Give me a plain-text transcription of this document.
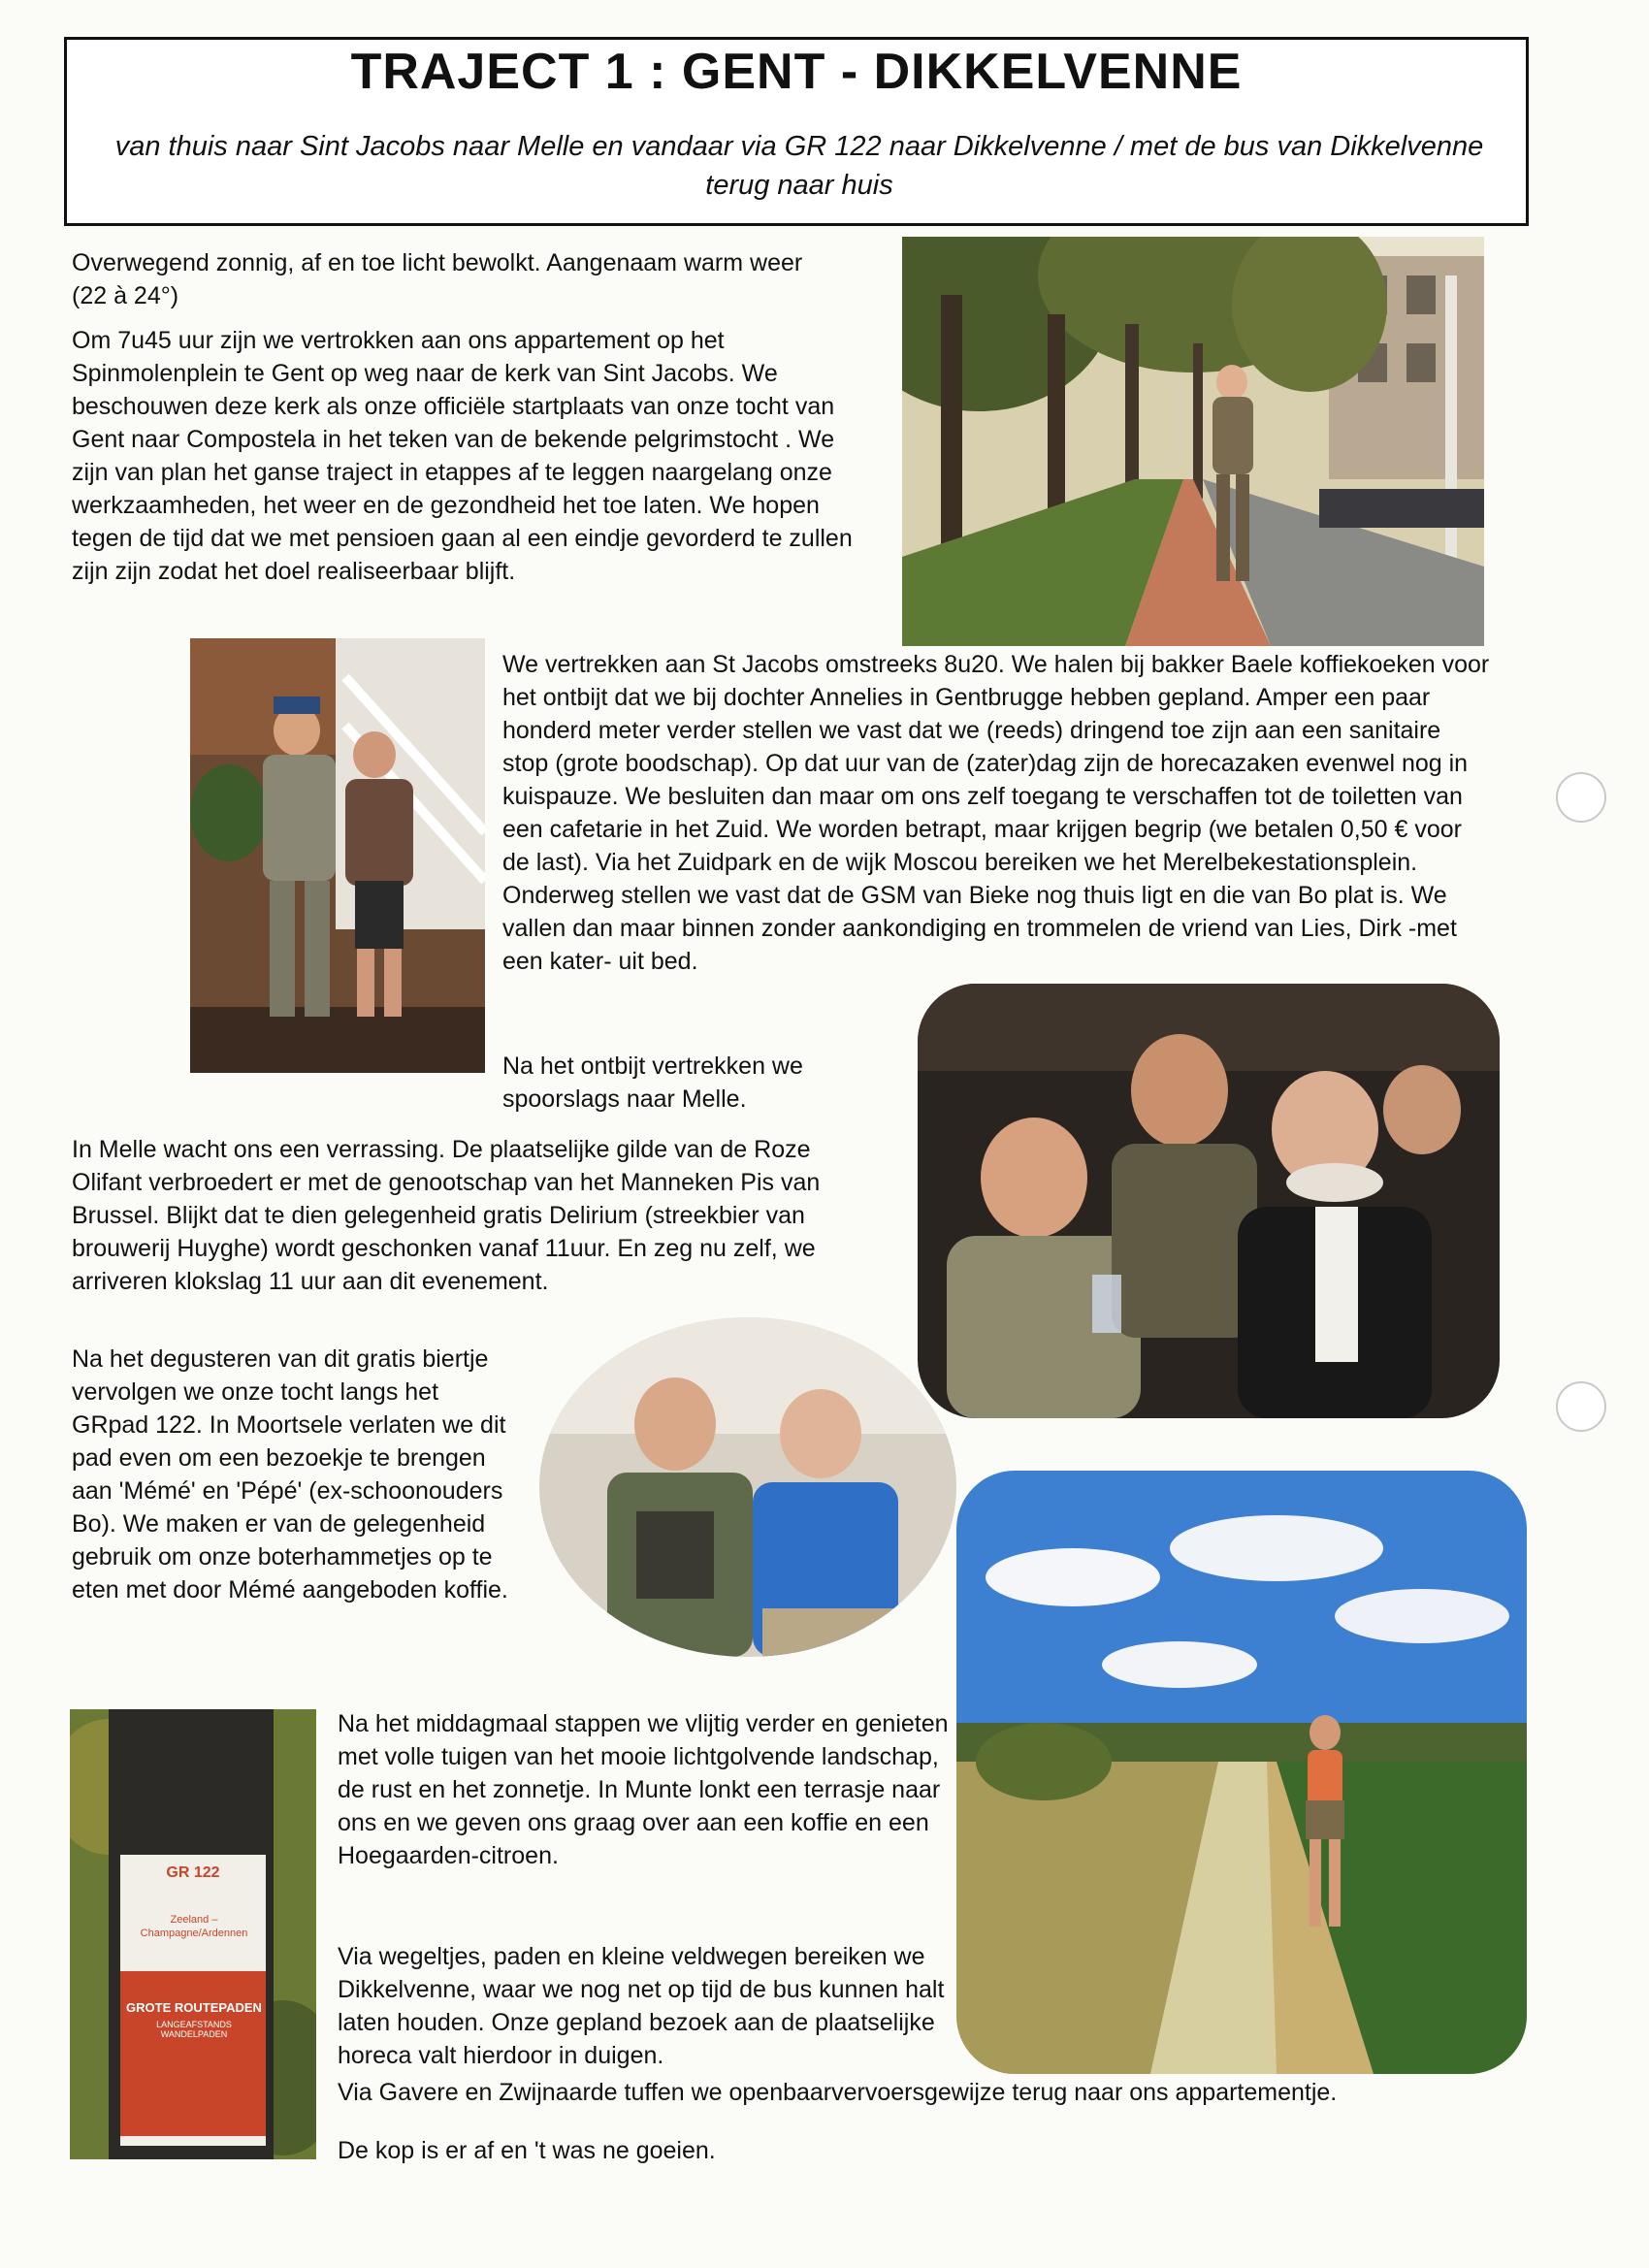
TRAJECT 1 : GENT - DIKKELVENNE
van thuis naar Sint Jacobs naar Melle en vandaar via GR 122 naar Dikkelvenne / met de bus van Dikkelvenne terug naar huis

Overwegend zonnig, af en toe licht bewolkt. Aangenaam warm weer (22 à 24°)

Om 7u45 uur zijn we vertrokken aan ons appartement op het Spinmolenplein te Gent op weg naar de kerk van Sint Jacobs. We beschouwen deze kerk als onze officiële startplaats van onze tocht van Gent naar Compostela in het teken van de bekende pelgrimstocht . We zijn van plan het ganse traject in etappes af te leggen naargelang onze werkzaamheden, het weer en de gezondheid het toe laten. We hopen tegen de tijd dat we met pensioen gaan al een eindje gevorderd te zullen zijn zijn zodat het doel realiseerbaar blijft.

We vertrekken aan St Jacobs omstreeks 8u20. We halen bij bakker Baele koffiekoeken voor het ontbijt dat we bij dochter Annelies in Gentbrugge hebben gepland. Amper een paar honderd meter verder stellen we vast dat we (reeds) dringend toe zijn aan een sanitaire stop (grote boodschap). Op dat uur van de (zater)dag zijn de horecazaken evenwel nog in kuispauze. We besluiten dan maar om ons zelf toegang te verschaffen tot de toiletten van een cafetarie in het Zuid. We worden betrapt, maar krijgen begrip (we betalen 0,50 € voor de last). Via het Zuidpark en de wijk Moscou bereiken we het Merelbekestationsplein. Onderweg stellen we vast dat de GSM van Bieke nog thuis ligt en die van Bo plat is. We vallen dan maar binnen zonder aankondiging en trommelen de vriend van Lies, Dirk -met een kater- uit bed.

Na het ontbijt vertrekken we spoorslags naar Melle.

In Melle wacht ons een verrassing. De plaatselijke gilde van de Roze Olifant verbroedert er met de genootschap van het Manneken Pis van Brussel. Blijkt dat te dien gelegenheid gratis Delirium (streekbier van brouwerij Huyghe) wordt geschonken vanaf 11uur. En zeg nu zelf, we arriveren klokslag 11 uur aan dit evenement.

Na het degusteren van dit gratis biertje vervolgen we onze tocht langs het GRpad 122. In Moortsele verlaten we dit pad even om een bezoekje te brengen aan 'Mémé' en 'Pépé' (ex-schoonouders Bo). We maken er van de gelegenheid gebruik om onze boterhammetjes op te eten met door Mémé aangeboden koffie.

GR 122
Zeeland – Champagne/Ardennen
GROTE ROUTEPADEN
LANGEAFSTANDS WANDELPADEN

Na het middagmaal stappen we vlijtig verder en genieten met volle tuigen van het mooie lichtgolvende landschap, de rust en het zonnetje. In Munte lonkt een terrasje naar ons en we geven ons graag over aan een koffie en een Hoegaarden-citroen.

Via wegeltjes, paden en kleine veldwegen bereiken we Dikkelvenne, waar we nog net op tijd de bus kunnen halt laten houden. Onze gepland bezoek aan de plaatselijke horeca valt hierdoor in duigen.

Via Gavere en Zwijnaarde tuffen we openbaarvervoersgewijze terug naar ons appartementje.

De kop is er af en 't was ne goeien.
